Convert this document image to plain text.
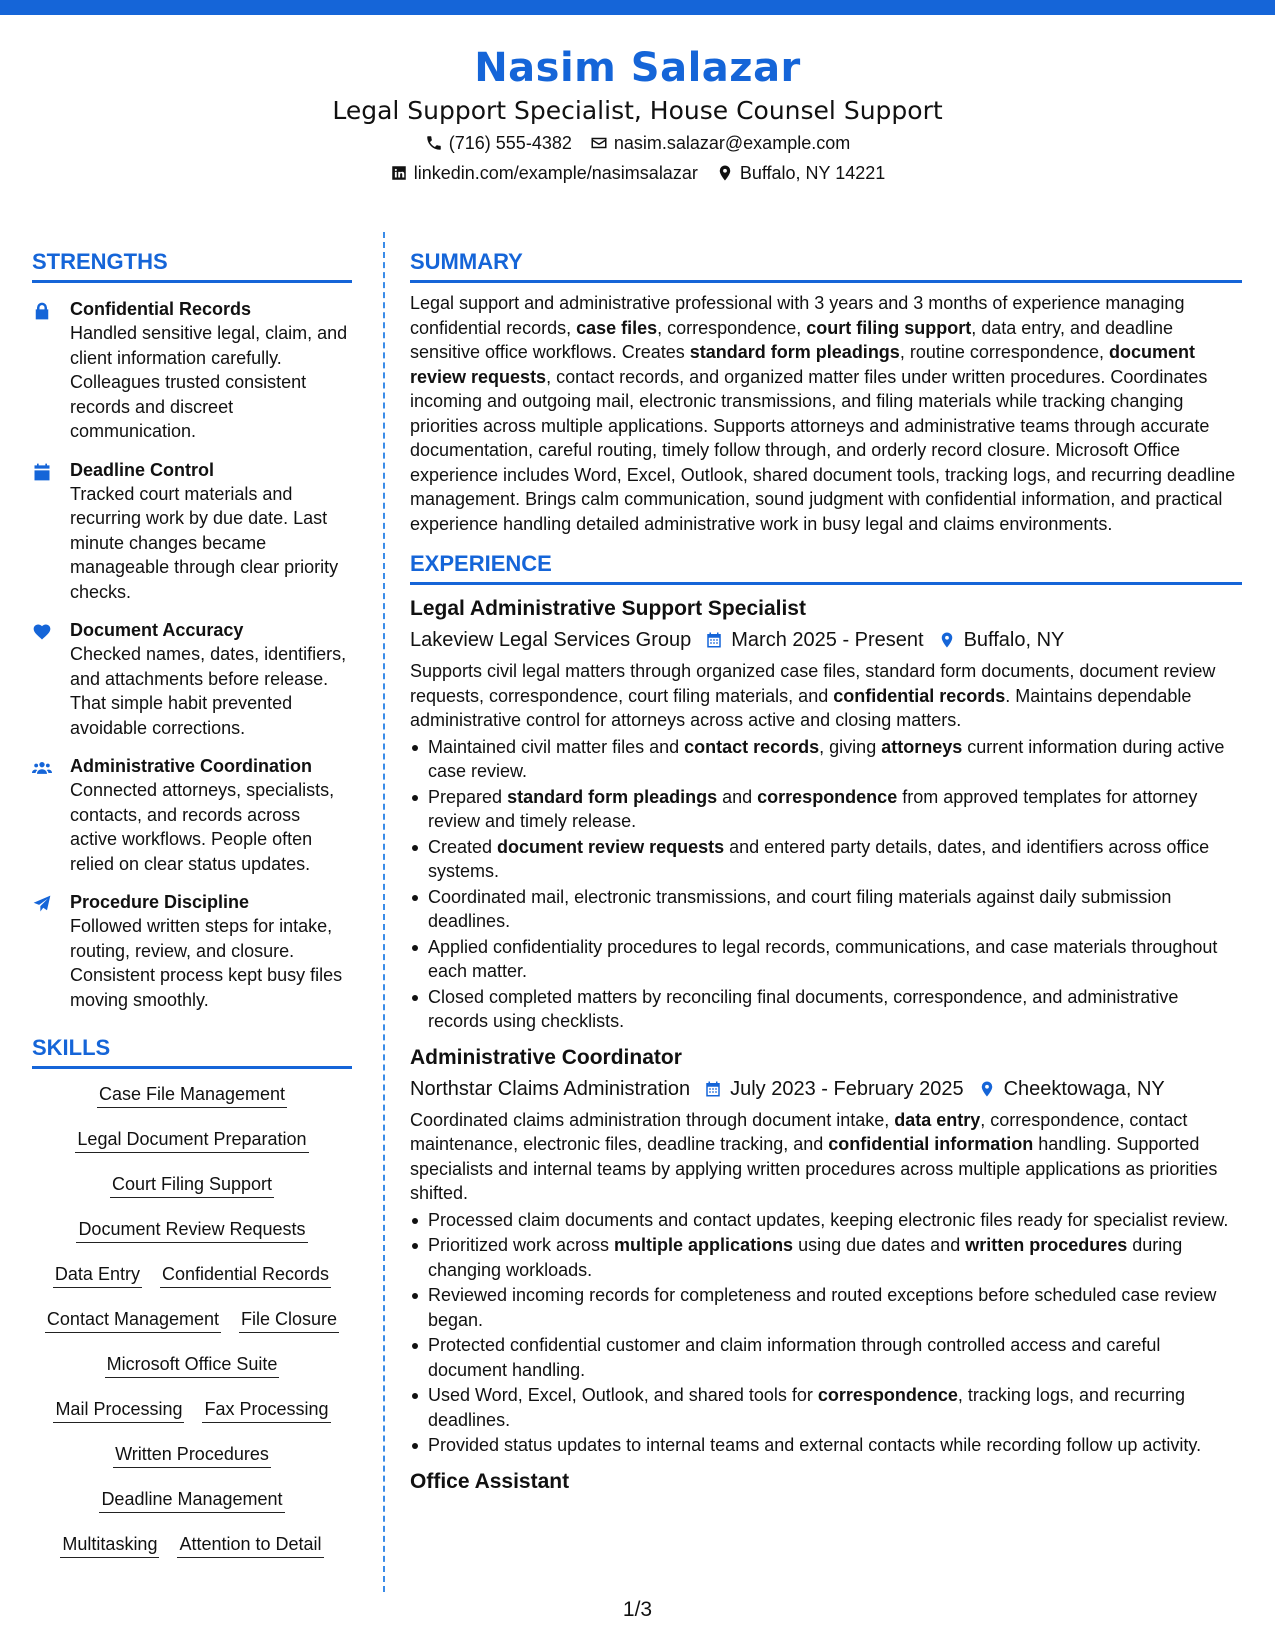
Nasim Salazar
Legal Support Specialist, House Counsel Support
(716) 555-4382 nasim.salazar@example.com
linkedin.com/example/nasimsalazar Buffalo, NY 14221
STRENGTHS
Confidential Records
Handled sensitive legal, claim, and client information carefully. Colleagues trusted consistent records and discreet communication.
Deadline Control
Tracked court materials and recurring work by due date. Last minute changes became manageable through clear priority checks.
Document Accuracy
Checked names, dates, identifiers, and attachments before release. That simple habit prevented avoidable corrections.
Administrative Coordination
Connected attorneys, specialists, contacts, and records across active workflows. People often relied on clear status updates.
Procedure Discipline
Followed written steps for intake, routing, review, and closure. Consistent process kept busy files moving smoothly.
SKILLS
Case File Management
Legal Document Preparation
Court Filing Support
Document Review Requests
Data Entry Confidential Records
Contact Management File Closure
Microsoft Office Suite
Mail Processing Fax Processing
Written Procedures
Deadline Management
Multitasking Attention to Detail
SUMMARY

Legal support and administrative professional with 3 years and 3 months of experience managing confidential records, case files, correspondence, court filing support, data entry, and deadline sensitive office workflows. Creates standard form pleadings, routine correspondence, document review requests, contact records, and organized matter files under written procedures. Coordinates incoming and outgoing mail, electronic transmissions, and filing materials while tracking changing priorities across multiple applications. Supports attorneys and administrative teams through accurate documentation, careful routing, timely follow through, and orderly record closure. Microsoft Office experience includes Word, Excel, Outlook, shared document tools, tracking logs, and recurring deadline management. Brings calm communication, sound judgment with confidential information, and practical experience handling detailed administrative work in busy legal and claims environments.

EXPERIENCE
Legal Administrative Support Specialist
Lakeview Legal Services Group March 2025 - Present Buffalo, NY

Supports civil legal matters through organized case files, standard form documents, document review requests, correspondence, court filing materials, and confidential records. Maintains dependable administrative control for attorneys across active and closing matters.

Maintained civil matter files and contact records, giving attorneys current information during active case review.
Prepared standard form pleadings and correspondence from approved templates for attorney review and timely release.
Created document review requests and entered party details, dates, and identifiers across office systems.
Coordinated mail, electronic transmissions, and court filing materials against daily submission deadlines.
Applied confidentiality procedures to legal records, communications, and case materials throughout each matter.
Closed completed matters by reconciling final documents, correspondence, and administrative records using checklists.
Administrative Coordinator
Northstar Claims Administration July 2023 - February 2025 Cheektowaga, NY

Coordinated claims administration through document intake, data entry, correspondence, contact maintenance, electronic files, deadline tracking, and confidential information handling. Supported specialists and internal teams by applying written procedures across multiple applications as priorities shifted.

Processed claim documents and contact updates, keeping electronic files ready for specialist review.
Prioritized work across multiple applications using due dates and written procedures during changing workloads.
Reviewed incoming records for completeness and routed exceptions before scheduled case review began.
Protected confidential customer and claim information through controlled access and careful document handling.
Used Word, Excel, Outlook, and shared tools for correspondence, tracking logs, and recurring deadlines.
Provided status updates to internal teams and external contacts while recording follow up activity.
Office Assistant
1/3
